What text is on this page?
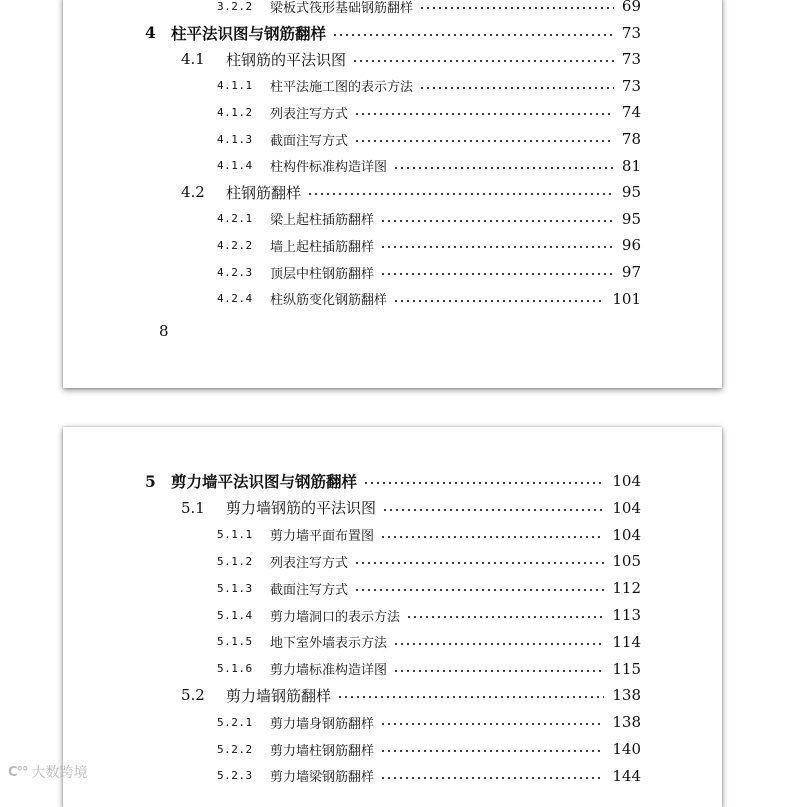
3.2.2	梁板式筏形基础钢筋翻样	69
4 柱平法识图与钢筋翻样	73
4.1	柱钢筋的平法识图	73
4.1.1	柱平法施工图的表示方法	73
4.1.2	列表注写方式	74
4.1.3	截面注写方式	78
4.1.4	柱构件标准构造详图	81
4.2	柱钢筋翻样	95
4.2.1	梁上起柱插筋翻样	95
4.2.2	墙上起柱插筋翻样	96
4.2.3	顶层中柱钢筋翻样	97
4.2.4	柱纵筋变化钢筋翻样	101
8
5 剪力墙平法识图与钢筋翻样	104
5.1	剪力墙钢筋的平法识图	104
5.1.1	剪力墙平面布置图	104
5.1.2	列表注写方式	105
5.1.3	截面注写方式	112
5.1.4	剪力墙洞口的表示方法	113
5.1.5	地下室外墙表示方法	114
5.1.6	剪力墙标准构造详图	115
5.2	剪力墙钢筋翻样	138
5.2.1	剪力墙身钢筋翻样	138
5.2.2	剪力墙柱钢筋翻样	140
5.2.3	剪力墙梁钢筋翻样	144
C°° 大数跨境
